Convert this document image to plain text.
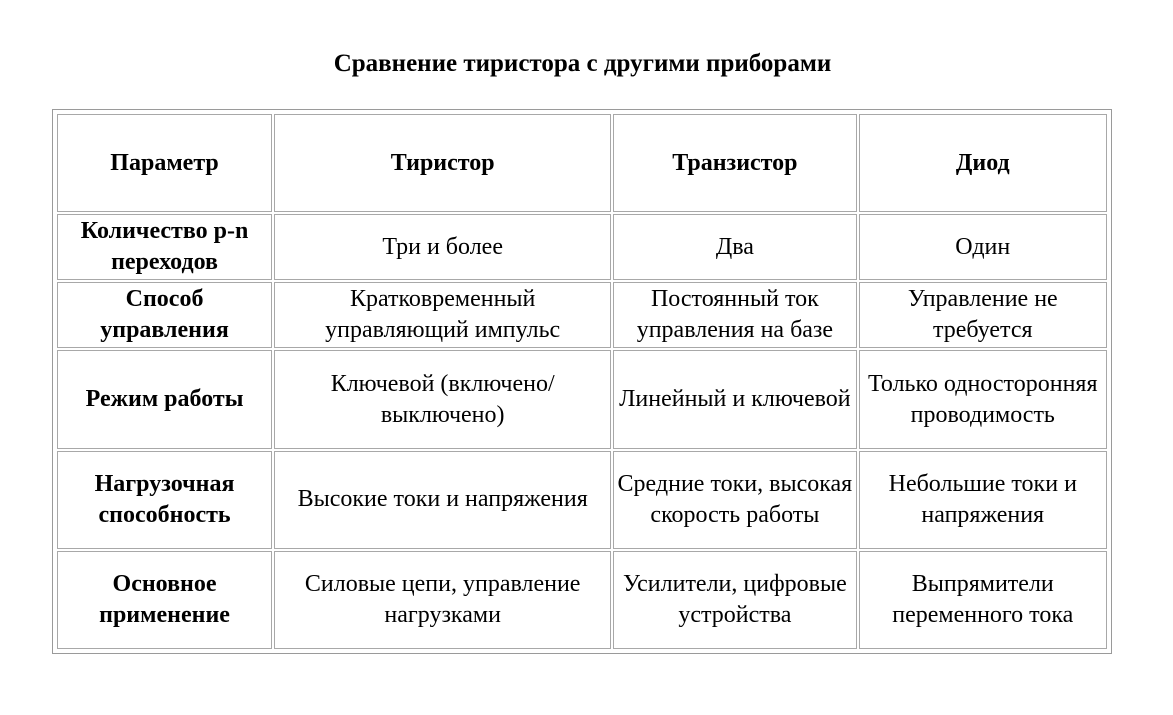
Сравнение тиристора с другими приборами
Параметр	Тиристор	Транзистор	Диод
Количество p-n переходов	Три и более	Два	Один
Способ управления	Кратковременный управляющий импульс	Постоянный ток управления на базе	Управление не требуется
Режим работы	Ключевой (включено/выключено)	Линейный и ключевой	Только односторонняя проводимость
Нагрузочная способность	Высокие токи и напряжения	Средние токи, высокая скорость работы	Небольшие токи и напряжения
Основное применение	Силовые цепи, управление нагрузками	Усилители, цифровые устройства	Выпрямители переменного тока
